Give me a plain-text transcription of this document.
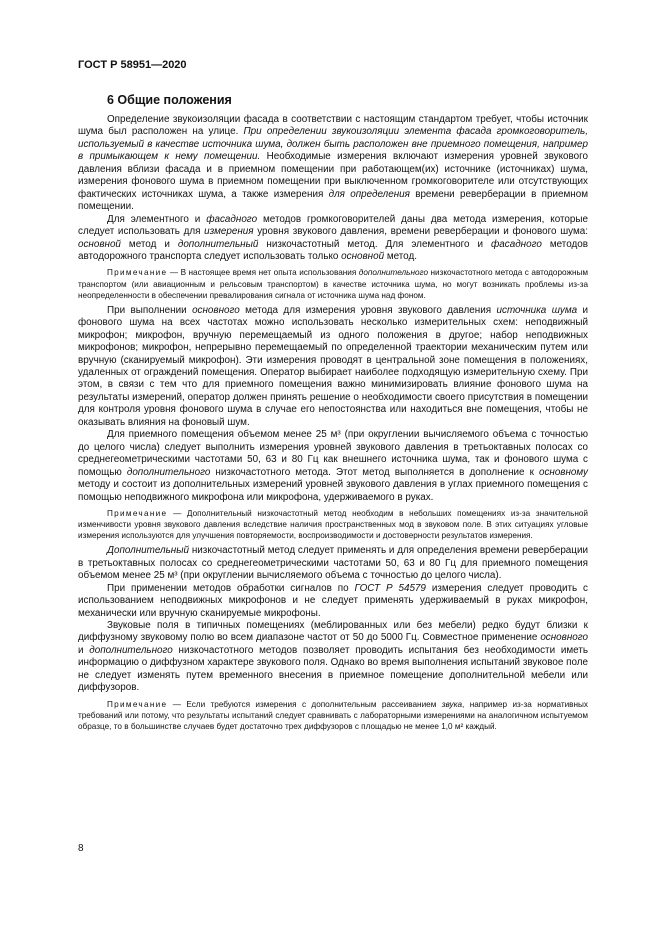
ГОСТ Р 58951—2020
6 Общие положения

Определение звукоизоляции фасада в соответствии с настоящим стандартом требует, чтобы источник шума был расположен на улице. При определении звукоизоляции элемента фасада громкоговоритель, используемый в качестве источника шума, должен быть расположен вне приемного помещения, например в примыкающем к нему помещении. Необходимые измерения включают измерения уровней звукового давления вблизи фасада и в приемном помещении при работающем(их) источнике (источниках) шума, измерения фонового шума в приемном помещении при выключенном громкоговорителе или отсутствующих фактических источниках шума, а также измерения для определения времени реверберации в приемном помещении.

Для элементного и фасадного методов громкоговорителей даны два метода измерения, которые следует использовать для измерения уровня звукового давления, времени реверберации и фонового шума: основной метод и дополнительный низкочастотный метод. Для элементного и фасадного методов автодорожного транспорта следует использовать только основной метод.

Примечание — В настоящее время нет опыта использования дополнительного низкочастотного метода с автодорожным транспортом (или авиационным и рельсовым транспортом) в качестве источника шума, но могут возникать проблемы из-за неопределенности в обеспечении превалирования сигнала от источника шума над фоном.

При выполнении основного метода для измерения уровня звукового давления источника шума и фонового шума на всех частотах можно использовать несколько измерительных схем: неподвижный микрофон; микрофон, вручную перемещаемый из одного положения в другое; набор неподвижных микрофонов; микрофон, непрерывно перемещаемый по определенной траектории механическим путем или вручную (сканируемый микрофон). Эти измерения проводят в центральной зоне помещения в положениях, удаленных от ограждений помещения. Оператор выбирает наиболее подходящую измерительную схему. При этом, в связи с тем что для приемного помещения важно минимизировать влияние фонового шума на результаты измерений, оператор должен принять решение о необходимости своего присутствия в помещении для контроля уровня фонового шума в случае его непостоянства или находиться вне помещения, чтобы не оказывать влияния на фоновый шум.

Для приемного помещения объемом менее 25 м³ (при округлении вычисляемого объема с точностью до целого числа) следует выполнить измерения уровней звукового давления в третьоктавных полосах со среднегеометрическими частотами 50, 63 и 80 Гц как внешнего источника шума, так и фонового шума с помощью дополнительного низкочастотного метода. Этот метод выполняется в дополнение к основному методу и состоит из дополнительных измерений уровней звукового давления в углах приемного помещения с помощью неподвижного микрофона или микрофона, удерживаемого в руках.

Примечание — Дополнительный низкочастотный метод необходим в небольших помещениях из-за значительной изменчивости уровня звукового давления вследствие наличия пространственных мод в звуковом поле. В этих ситуациях угловые измерения используются для улучшения повторяемости, воспроизводимости и достоверности результатов измерения.

Дополнительный низкочастотный метод следует применять и для определения времени реверберации в третьоктавных полосах со среднегеометрическими частотами 50, 63 и 80 Гц для приемного помещения объемом менее 25 м³ (при округлении вычисляемого объема с точностью до целого числа).

При применении методов обработки сигналов по ГОСТ Р 54579 измерения следует проводить с использованием неподвижных микрофонов и не следует применять удерживаемый в руках микрофон, механически или вручную сканируемые микрофоны.

Звуковые поля в типичных помещениях (меблированных или без мебели) редко будут близки к диффузному звуковому полю во всем диапазоне частот от 50 до 5000 Гц. Совместное применение основного и дополнительного низкочастотного методов позволяет проводить испытания без необходимости иметь информацию о диффузном характере звукового поля. Однако во время выполнения испытаний звуковое поле не следует изменять путем временного внесения в приемное помещение дополнительной мебели или диффузоров.

Примечание — Если требуются измерения с дополнительным рассеиванием звука, например из-за нормативных требований или потому, что результаты испытаний следует сравнивать с лабораторными измерениями на аналогичном испытуемом образце, то в большинстве случаев будет достаточно трех диффузоров с площадью не менее 1,0 м² каждый.

8
